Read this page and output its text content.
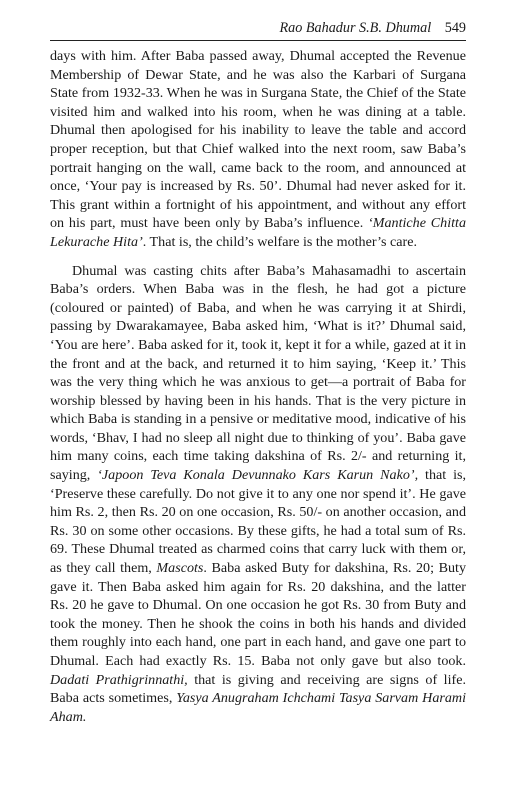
Rao Bahadur S.B. Dhumal 549

days with him. After Baba passed away, Dhumal accepted the Revenue Membership of Dewar State, and he was also the Karbari of Surgana State from 1932-33. When he was in Surgana State, the Chief of the State visited him and walked into his room, when he was dining at a table. Dhumal then apologised for his inability to leave the table and accord proper reception, but that Chief walked into the next room, saw Baba’s portrait hanging on the wall, came back to the room, and announced at once, ‘Your pay is increased by Rs. 50’. Dhumal had never asked for it. This grant within a fortnight of his appointment, and without any effort on his part, must have been only by Baba’s influence. ‘Mantiche Chitta Lekurache Hita’. That is, the child’s welfare is the mother’s care.

Dhumal was casting chits after Baba’s Mahasamadhi to ascertain Baba’s orders. When Baba was in the flesh, he had got a picture (coloured or painted) of Baba, and when he was carrying it at Shirdi, passing by Dwarakamayee, Baba asked him, ‘What is it?’ Dhumal said, ‘You are here’. Baba asked for it, took it, kept it for a while, gazed at it in the front and at the back, and returned it to him saying, ‘Keep it.’ This was the very thing which he was anxious to get—a portrait of Baba for worship blessed by having been in his hands. That is the very picture in which Baba is standing in a pensive or meditative mood, indicative of his words, ‘Bhav, I had no sleep all night due to thinking of you’. Baba gave him many coins, each time taking dakshina of Rs. 2/- and returning it, saying, ‘Japoon Teva Konala Devunnako Kars Karun Nako’, that is, ‘Preserve these carefully. Do not give it to any one nor spend it’. He gave him Rs. 2, then Rs. 20 on one occasion, Rs. 50/- on another occasion, and Rs. 30 on some other occasions. By these gifts, he had a total sum of Rs. 69. These Dhumal treated as charmed coins that carry luck with them or, as they call them, Mascots. Baba asked Buty for dakshina, Rs. 20; Buty gave it. Then Baba asked him again for Rs. 20 dakshina, and the latter Rs. 20 he gave to Dhumal. On one occasion he got Rs. 30 from Buty and took the money. Then he shook the coins in both his hands and divided them roughly into each hand, one part in each hand, and gave one part to Dhumal. Each had exactly Rs. 15. Baba not only gave but also took. Dadati Prathigrinnathi, that is giving and receiving are signs of life. Baba acts sometimes, Yasya Anugraham Ichchami Tasya Sarvam Harami Aham.
